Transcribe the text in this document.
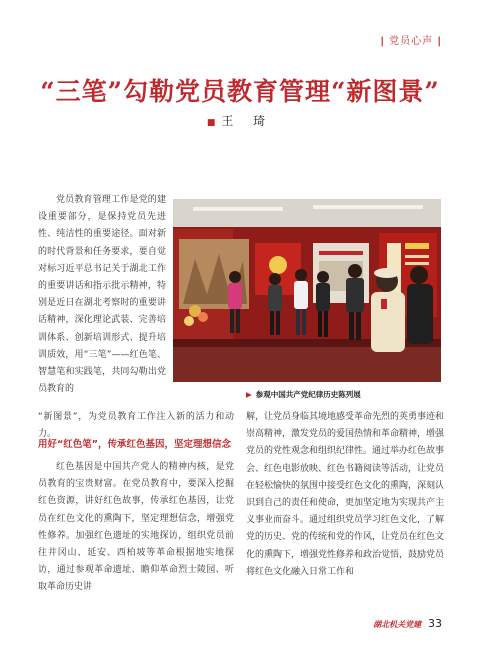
| 党员心声 |
“三笔”勾勒党员教育管理“新图景”
■ 王 琦

党员教育管理工作是党的建设重要部分，是保持党员先进性、纯洁性的重要途径。面对新的时代背景和任务要求，要自觉对标习近平总书记关于湖北工作的重要讲话和指示批示精神，特别是近日在湖北考察时的重要讲话精神，深化理论武装、完善培训体系、创新培训形式、提升培训质效，用“三笔”——红色笔、智慧笔和实践笔，共同勾勒出党员教育的

▶ 参观中国共产党纪律历史陈列展

“新图景”，为党员教育工作注入新的活力和动力。

用好“红色笔”，传承红色基因，坚定理想信念

红色基因是中国共产党人的精神内核，是党员教育的宝贵财富。在党员教育中，要深入挖掘红色资源，讲好红色故事，传承红色基因，让党员在红色文化的熏陶下，坚定理想信念，增强党性修养。加强红色遗址的实地探访，组织党员前往井冈山、延安、西柏坡等革命根据地实地探访，通过参观革命遗址、瞻仰革命烈士陵园、听取革命历史讲

解，让党员身临其境地感受革命先烈的英勇事迹和崇高精神，激发党员的爱国热情和革命精神，增强党员的党性观念和组织纪律性。通过举办红色故事会、红色电影放映、红色书籍阅读等活动，让党员在轻松愉快的氛围中接受红色文化的熏陶，深刻认识到自己的责任和使命，更加坚定地为实现共产主义事业而奋斗。通过组织党员学习红色文化，了解党的历史、党的传统和党的作风，让党员在红色文化的熏陶下，增强党性修养和政治觉悟，鼓励党员将红色文化融入日常工作和

湖北机关党建 33
